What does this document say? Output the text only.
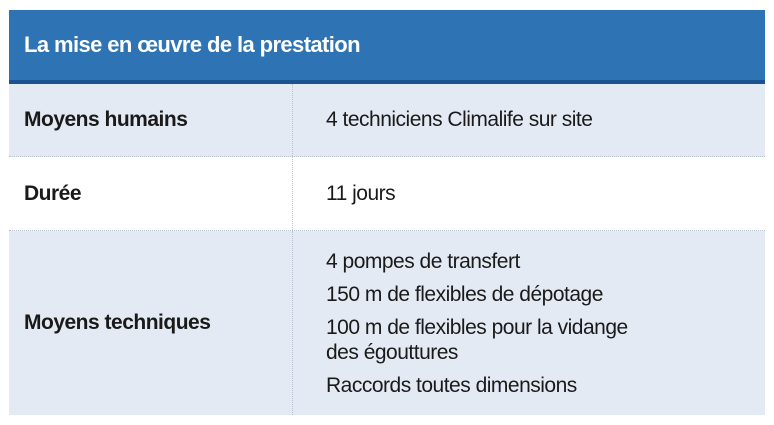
La mise en œuvre de la prestation
Moyens humains	4 techniciens Climalife sur site
Durée	11 jours
Moyens techniques
4 pompes de transfert
150 m de flexibles de dépotage
100 m de flexibles pour la vidange
des égouttures
Raccords toutes dimensions
